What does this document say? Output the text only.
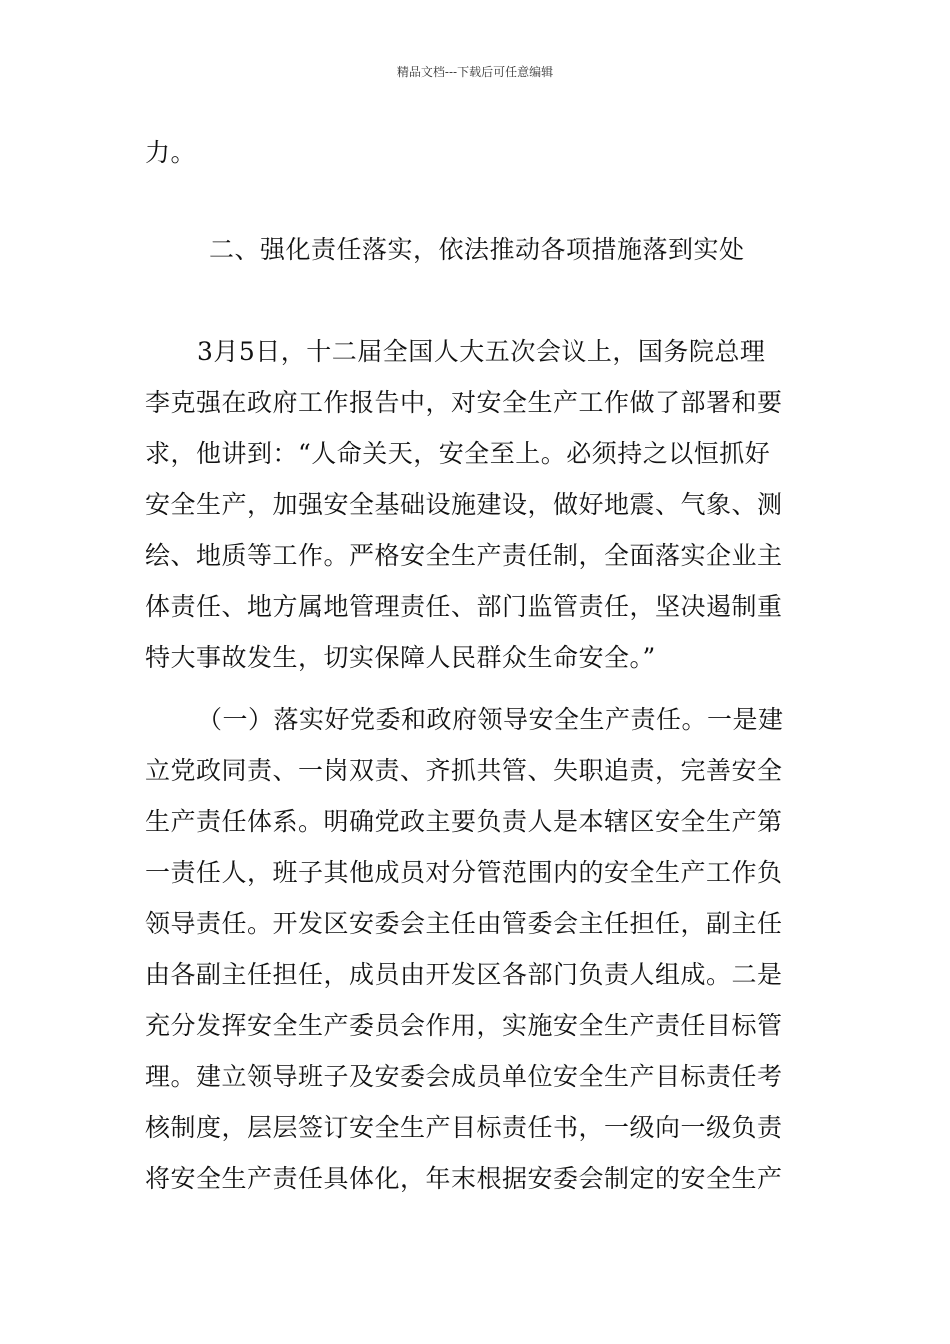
精品文档---下载后可任意编辑
力。
二、强化责任落实，依法推动各项措施落到实处
3月5日，十二届全国人大五次会议上，国务院总理
李克强在政府工作报告中，对安全生产工作做了部署和要
求，他讲到：“人命关天，安全至上。必须持之以恒抓好
安全生产，加强安全基础设施建设，做好地震、气象、测
绘、地质等工作。严格安全生产责任制，全面落实企业主
体责任、地方属地管理责任、部门监管责任，坚决遏制重
特大事故发生，切实保障人民群众生命安全。”
（一）落实好党委和政府领导安全生产责任。一是建
立党政同责、一岗双责、齐抓共管、失职追责，完善安全
生产责任体系。明确党政主要负责人是本辖区安全生产第
一责任人，班子其他成员对分管范围内的安全生产工作负
领导责任。开发区安委会主任由管委会主任担任，副主任
由各副主任担任，成员由开发区各部门负责人组成。二是
充分发挥安全生产委员会作用，实施安全生产责任目标管
理。建立领导班子及安委会成员单位安全生产目标责任考
核制度，层层签订安全生产目标责任书，一级向一级负责
将安全生产责任具体化，年末根据安委会制定的安全生产
